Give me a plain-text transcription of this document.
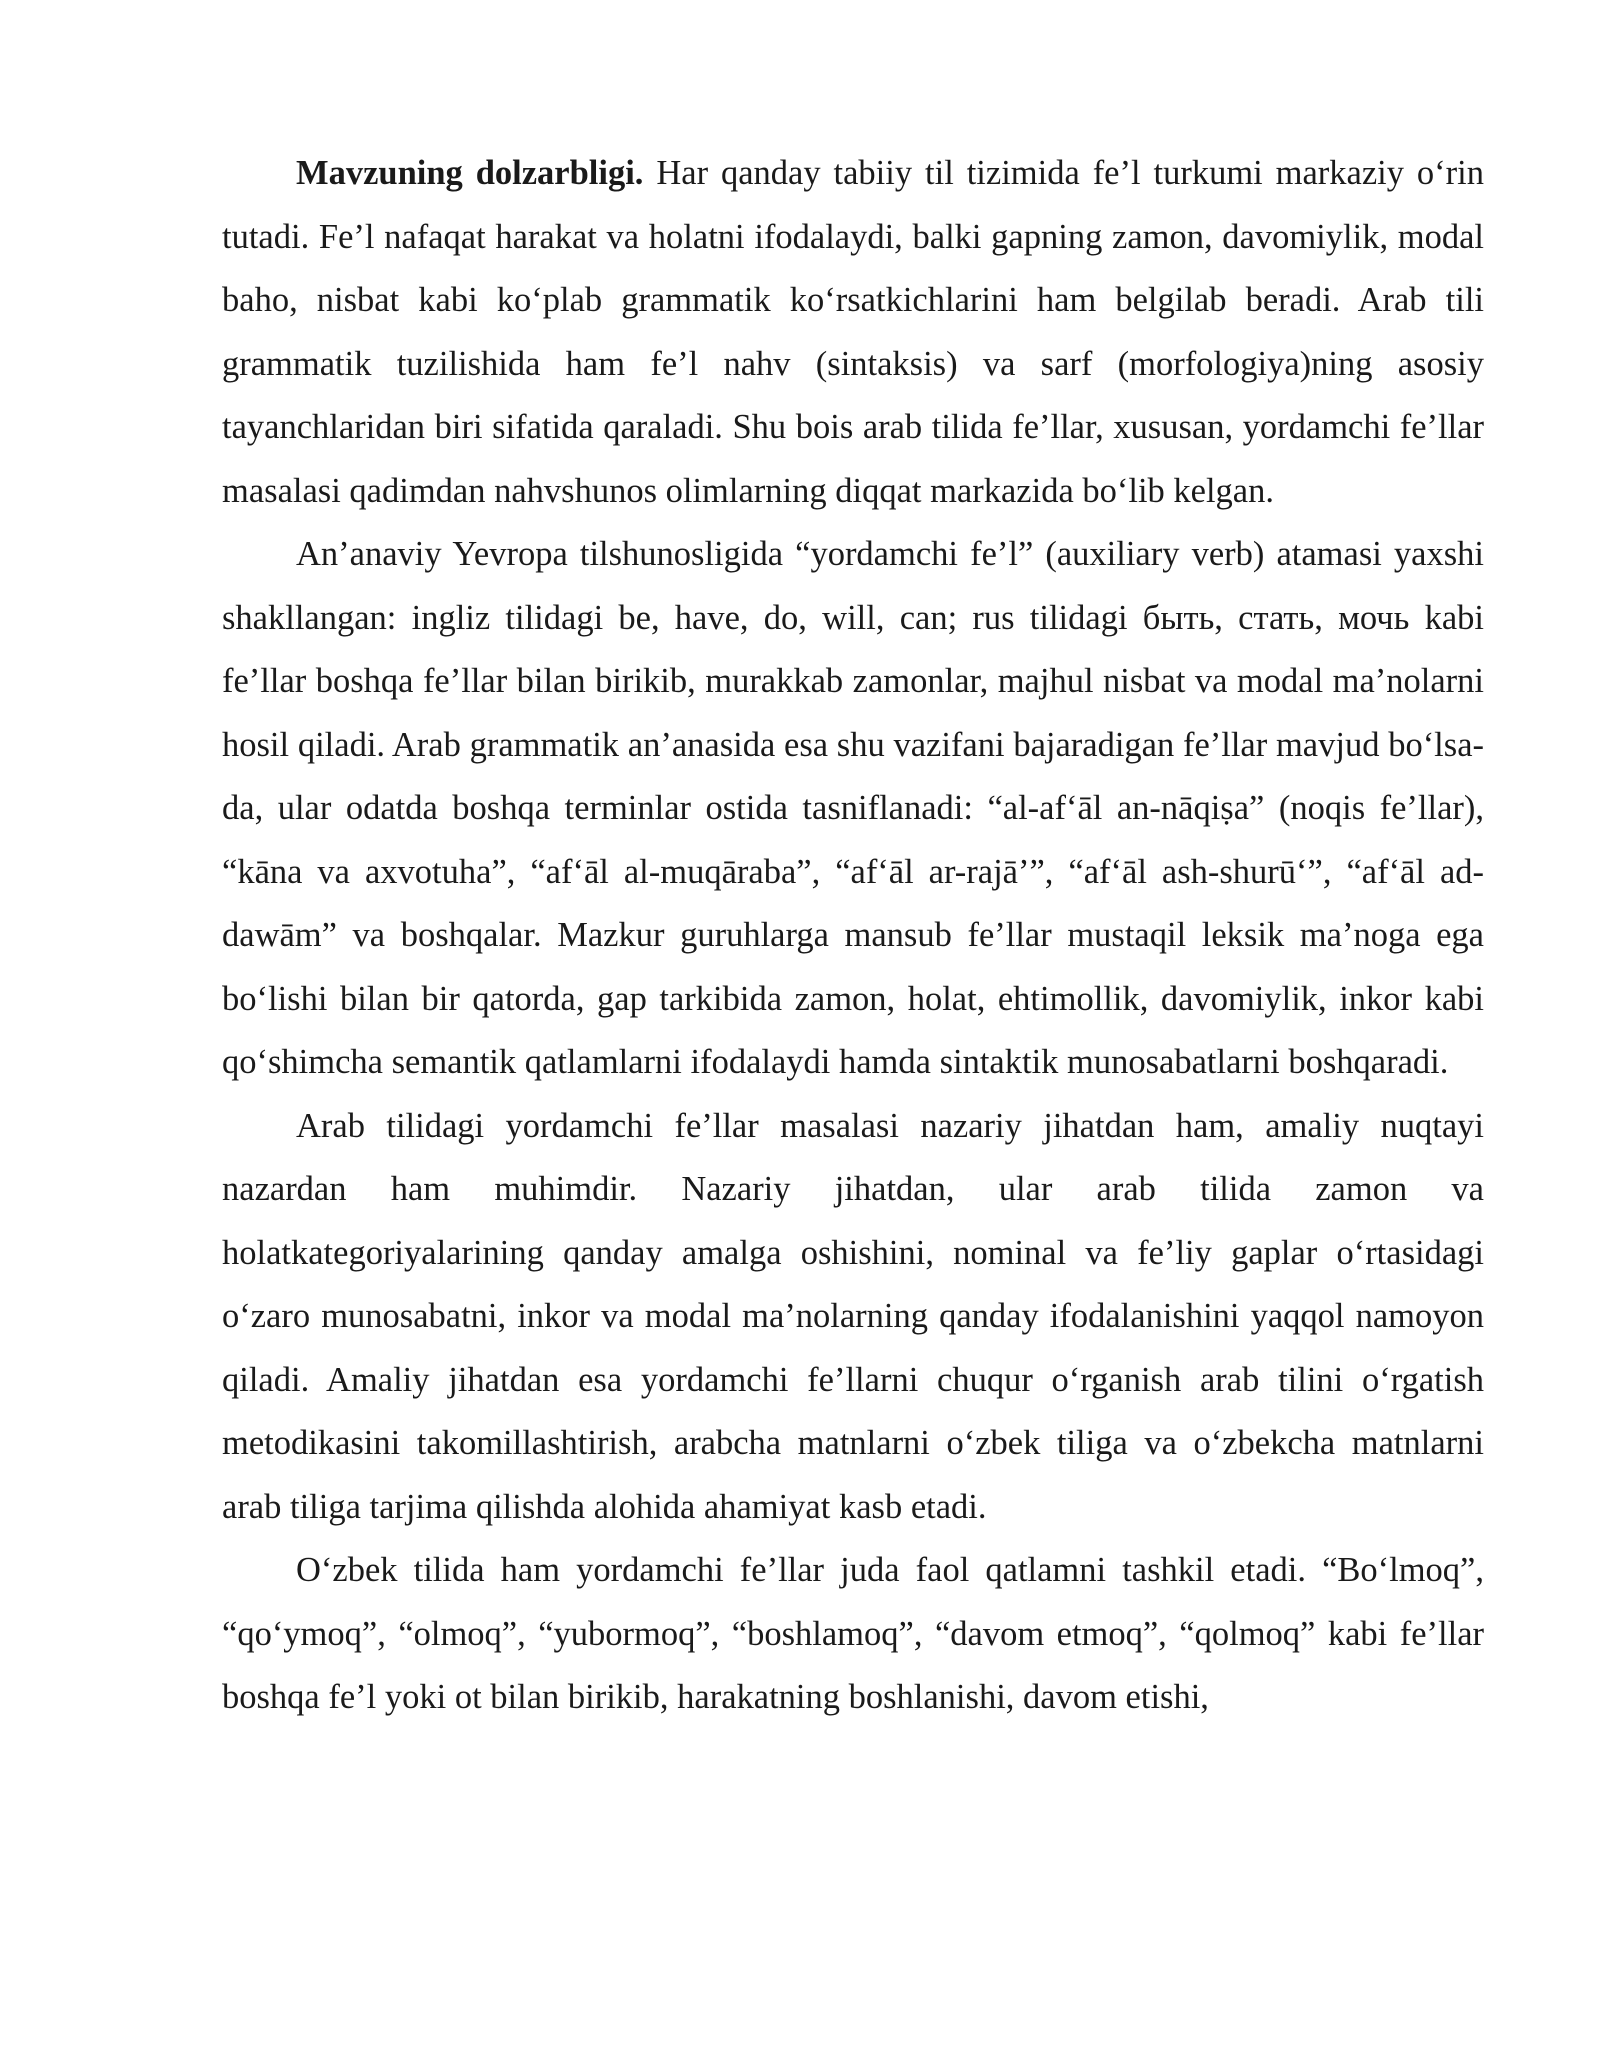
Mavzuning dolzarbligi. Har qanday tabiiy til tizimida fe’l turkumi markaziy o‘rin tutadi. Fe’l nafaqat harakat va holatni ifodalaydi, balki gapning zamon, davomiylik, modal baho, nisbat kabi ko‘plab grammatik ko‘rsatkichlarini ham belgilab beradi. Arab tili grammatik tuzilishida ham fe’l nahv (sintaksis) va sarf (morfologiya)ning asosiy tayanchlaridan biri sifatida qaraladi. Shu bois arab tilida fe’llar, xususan, yordamchi fe’llar masalasi qadimdan nahvshunos olimlarning diqqat markazida bo‘lib kelgan.

An’anaviy Yevropa tilshunosligida “yordamchi fe’l” (auxiliary verb) atamasi yaxshi shakllangan: ingliz tilidagi be, have, do, will, can; rus tilidagi быть, стать, мочь kabi fe’llar boshqa fe’llar bilan birikib, murakkab zamonlar, majhul nisbat va modal ma’nolarni hosil qiladi. Arab grammatik an’anasida esa shu vazifani bajaradigan fe’llar mavjud bo‘lsa-da, ular odatda boshqa terminlar ostida tasniflanadi: “al-af‘āl an-nāqiṣa” (noqis fe’llar), “kāna va axvotuha”, “af‘āl al-muqāraba”, “af‘āl ar-rajā’”, “af‘āl ash-shurū‘”, “af‘āl ad-dawām” va boshqalar. Mazkur guruhlarga mansub fe’llar mustaqil leksik ma’noga ega bo‘lishi bilan bir qatorda, gap tarkibida zamon, holat, ehtimollik, davomiylik, inkor kabi qo‘shimcha semantik qatlamlarni ifodalaydi hamda sintaktik munosabatlarni boshqaradi.

Arab tilidagi yordamchi fe’llar masalasi nazariy jihatdan ham, amaliy nuqtayi nazardan ham muhimdir. Nazariy jihatdan, ular arab tilida zamon va holatkategoriyalarining qanday amalga oshishini, nominal va fe’liy gaplar o‘rtasidagi o‘zaro munosabatni, inkor va modal ma’nolarning qanday ifodalanishini yaqqol namoyon qiladi. Amaliy jihatdan esa yordamchi fe’llarni chuqur o‘rganish arab tilini o‘rgatish metodikasini takomillashtirish, arabcha matnlarni o‘zbek tiliga va o‘zbekcha matnlarni arab tiliga tarjima qilishda alohida ahamiyat kasb etadi.

O‘zbek tilida ham yordamchi fe’llar juda faol qatlamni tashkil etadi. “Bo‘lmoq”, “qo‘ymoq”, “olmoq”, “yubormoq”, “boshlamoq”, “davom etmoq”, “qolmoq” kabi fe’llar boshqa fe’l yoki ot bilan birikib, harakatning boshlanishi, davom etishi,
